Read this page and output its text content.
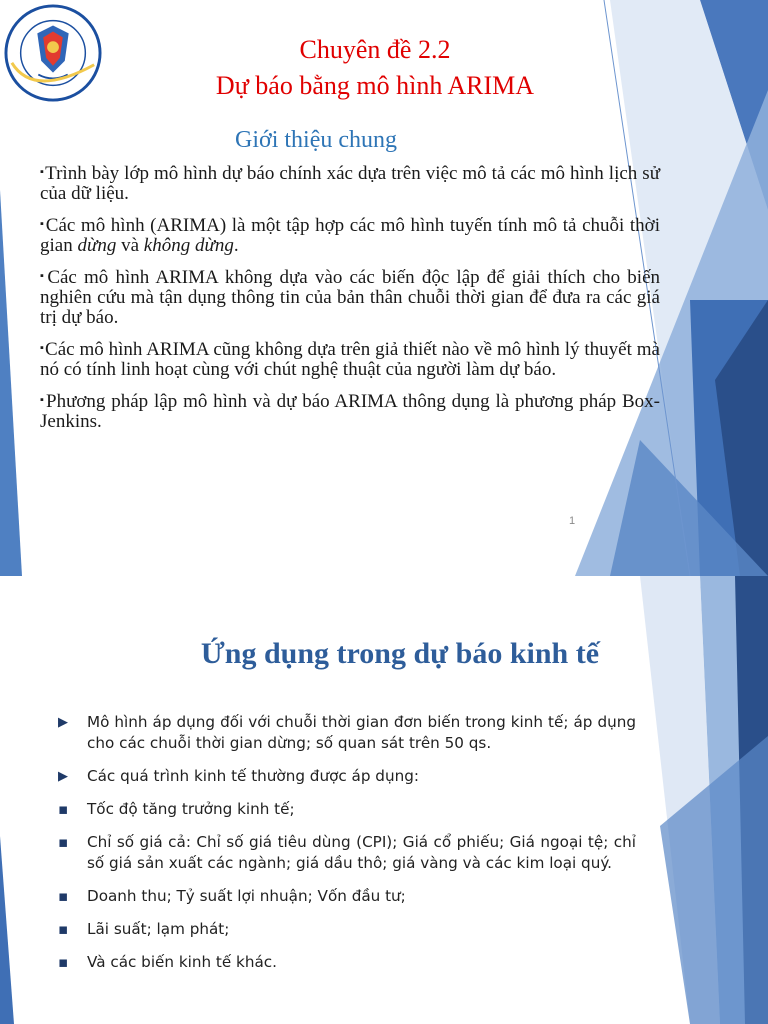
Chuyên đề 2.2

Dự báo bằng mô hình ARIMA

Giới thiệu chung

▪Trình bày lớp mô hình dự báo chính xác dựa trên việc mô tả các mô hình lịch sử của dữ liệu.

▪Các mô hình (ARIMA) là một tập hợp các mô hình tuyến tính mô tả chuỗi thời gian dừng và không dừng.

▪Các mô hình ARIMA không dựa vào các biến độc lập để giải thích cho biến nghiên cứu mà tận dụng thông tin của bản thân chuỗi thời gian để đưa ra các giá trị dự báo.

▪Các mô hình ARIMA cũng không dựa trên giả thiết nào về mô hình lý thuyết mà nó có tính linh hoạt cùng với chút nghệ thuật của người làm dự báo.

▪Phương pháp lập mô hình và dự báo ARIMA thông dụng là phương pháp Box-Jenkins.

1

Ứng dụng trong dự báo kinh tế

▶ Mô hình áp dụng đối với chuỗi thời gian đơn biến trong kinh tế; áp dụng cho các chuỗi thời gian dừng; số quan sát trên 50 qs.
▶ Các quá trình kinh tế thường được áp dụng:
▪ Tốc độ tăng trưởng kinh tế;
▪ Chỉ số giá cả: Chỉ số giá tiêu dùng (CPI); Giá cổ phiếu; Giá ngoại tệ; chỉ số giá sản xuất các ngành; giá dầu thô; giá vàng và các kim loại quý.
▪ Doanh thu; Tỷ suất lợi nhuận; Vốn đầu tư;
▪ Lãi suất; lạm phát;
▪ Và các biến kinh tế khác.
